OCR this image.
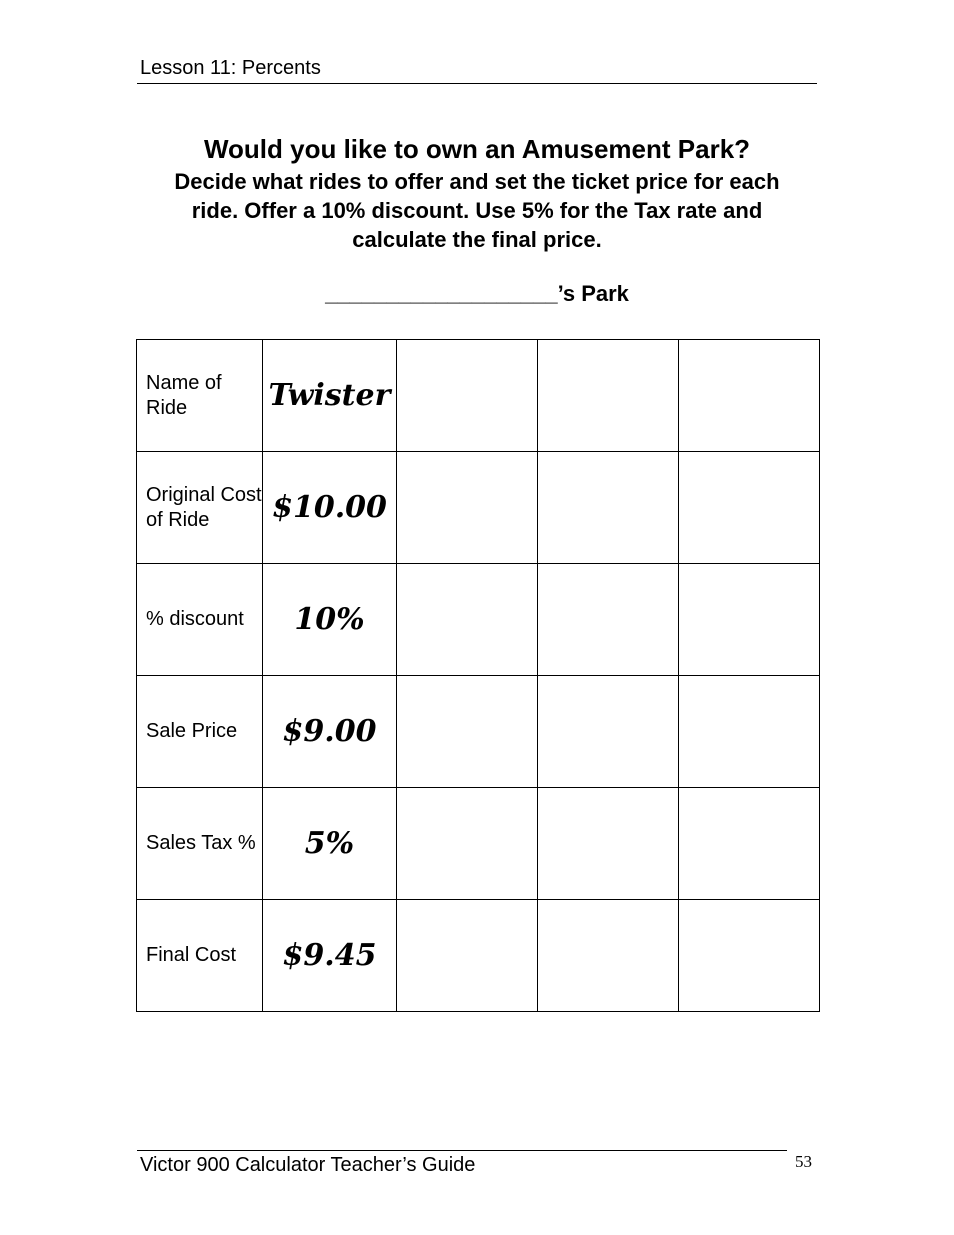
Lesson 11: Percents
Would you like to own an Amusement Park?
Decide what rides to offer and set the ticket price for each ride. Offer a 10% discount. Use 5% for the Tax rate and calculate the final price.
___________________’s Park
Name of Ride	Twister			
Original Cost of Ride	$10.00			
% discount	10%			
Sale Price	$9.00			
Sales Tax %	5%			
Final Cost	$9.45			
Victor 900 Calculator Teacher’s Guide	53
